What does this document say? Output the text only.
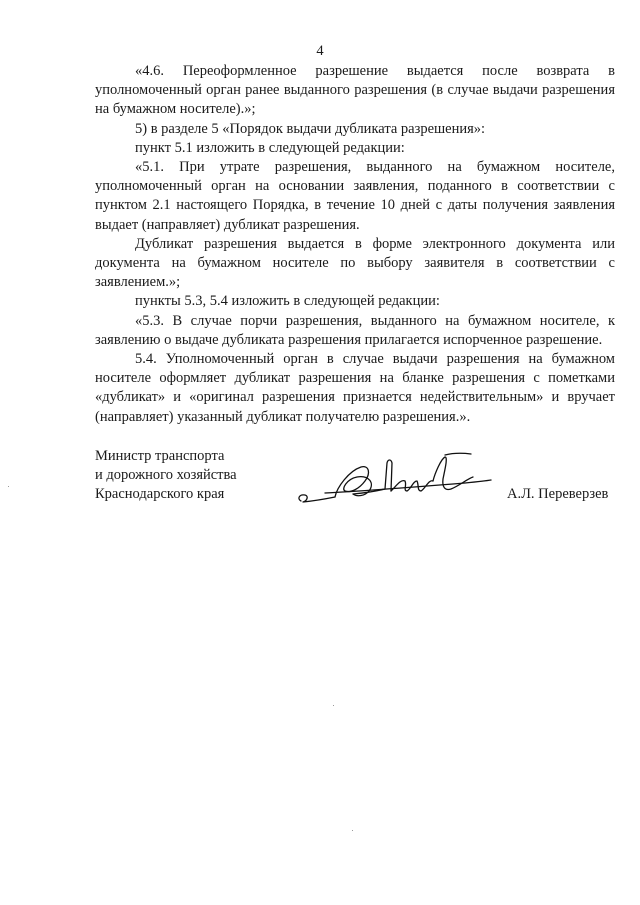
4

«4.6. Переоформленное разрешение выдается после возврата в уполномоченный орган ранее выданного разрешения (в случае выдачи разрешения на бумажном носителе).»;

5) в разделе 5 «Порядок выдачи дубликата разрешения»:

пункт 5.1 изложить в следующей редакции:

«5.1. При утрате разрешения, выданного на бумажном носителе, уполномоченный орган на основании заявления, поданного в соответствии с пунктом 2.1 настоящего Порядка, в течение 10 дней с даты получения заявления выдает (направляет) дубликат разрешения.

Дубликат разрешения выдается в форме электронного документа или документа на бумажном носителе по выбору заявителя в соответствии с заявлением.»;

пункты 5.3, 5.4 изложить в следующей редакции:

«5.3. В случае порчи разрешения, выданного на бумажном носителе, к заявлению о выдаче дубликата разрешения прилагается испорченное разрешение.

5.4. Уполномоченный орган в случае выдачи разрешения на бумажном носителе оформляет дубликат разрешения на бланке разрешения с пометками «дубликат» и «оригинал разрешения признается недействительным» и вручает (направляет) указанный дубликат получателю разрешения.».

Министр транспорта
и дорожного хозяйства
Краснодарского края	А.Л. Переверзев
